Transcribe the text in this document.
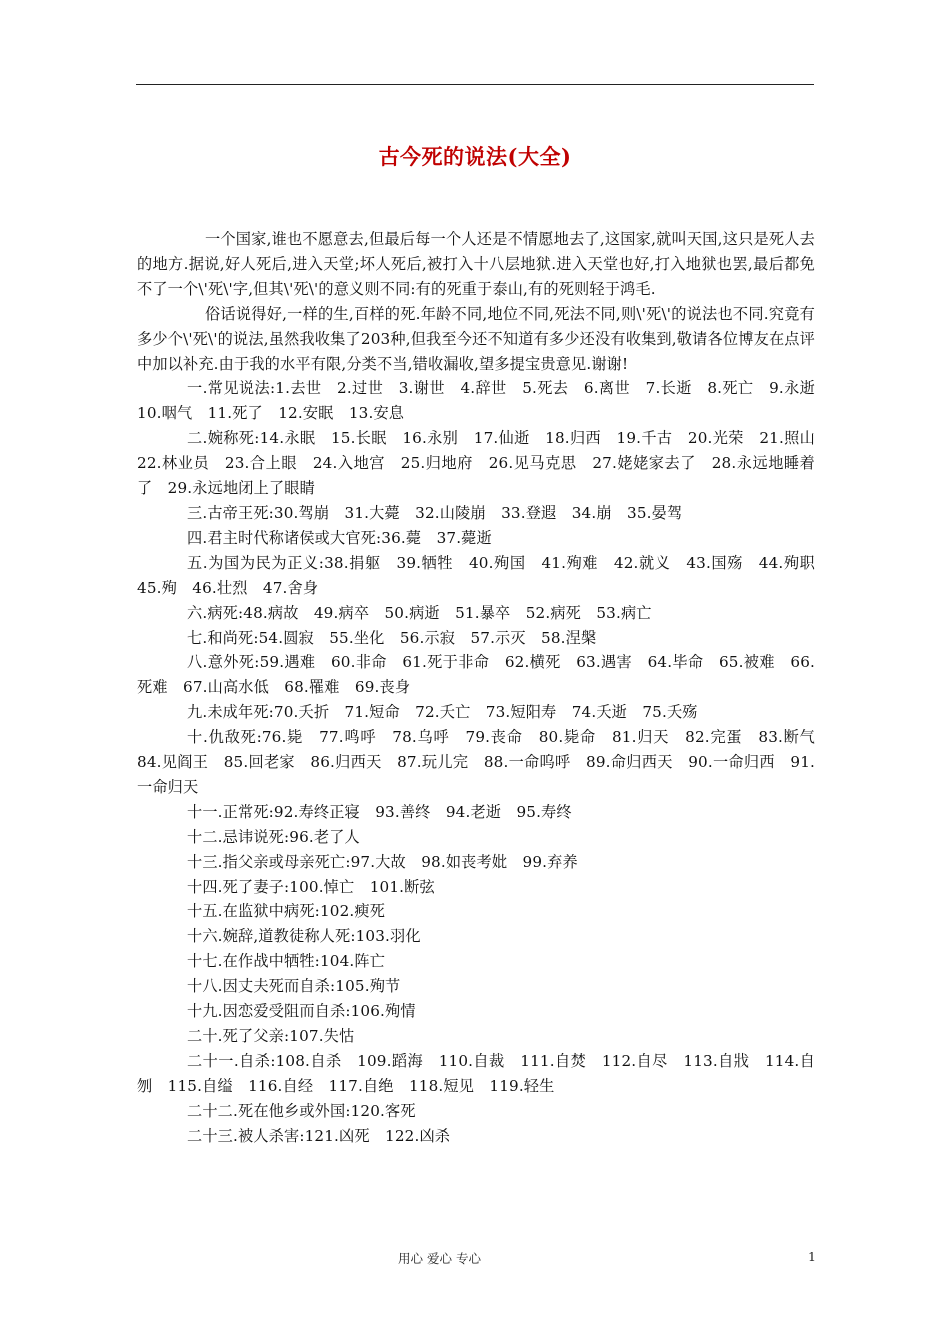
古今死的说法(大全)

一个国家,谁也不愿意去,但最后每一个人还是不情愿地去了,这国家,就叫天国,这只是死人去的地方.据说,好人死后,进入天堂;坏人死后,被打入十八层地狱.进入天堂也好,打入地狱也罢,最后都免不了一个\'死\'字,但其\'死\'的意义则不同:有的死重于泰山,有的死则轻于鸿毛.

俗话说得好,一样的生,百样的死.年龄不同,地位不同,死法不同,则\'死\'的说法也不同.究竟有多少个\'死\'的说法,虽然我收集了203种,但我至今还不知道有多少还没有收集到,敬请各位博友在点评中加以补充.由于我的水平有限,分类不当,错收漏收,望多提宝贵意见.谢谢!

一.常见说法:1.去世　2.过世　3.谢世　4.辞世　5.死去　6.离世　7.长逝　8.死亡　9.永逝　10.咽气　11.死了　12.安眠　13.安息

二.婉称死:14.永眠　15.长眠　16.永别　17.仙逝　18.归西　19.千古　20.光荣　21.照山　22.林业员　23.合上眼　24.入地宫　25.归地府　26.见马克思　27.姥姥家去了　28.永远地睡着了　29.永远地闭上了眼睛

三.古帝王死:30.驾崩　31.大薨　32.山陵崩　33.登遐　34.崩　35.晏驾

四.君主时代称诸侯或大官死:36.薨　37.薨逝

五.为国为民为正义:38.捐躯　39.牺牲　40.殉国　41.殉难　42.就义　43.国殇　44.殉职　45.殉　46.壮烈　47.舍身

六.病死:48.病故　49.病卒　50.病逝　51.暴卒　52.病死　53.病亡

七.和尚死:54.圆寂　55.坐化　56.示寂　57.示灭　58.涅槃

八.意外死:59.遇难　60.非命　61.死于非命　62.横死　63.遇害　64.毕命　65.被难　66.死难　67.山高水低　68.罹难　69.丧身

九.未成年死:70.夭折　71.短命　72.夭亡　73.短阳寿　74.夭逝　75.夭殇

十.仇敌死:76.毙　77.鸣呼　78.乌呼　79.丧命　80.毙命　81.归天　82.完蛋　83.断气　84.见阎王　85.回老家　86.归西天　87.玩儿完　88.一命呜呼　89.命归西天　90.一命归西　91.一命归天

十一.正常死:92.寿终正寝　93.善终　94.老逝　95.寿终

十二.忌讳说死:96.老了人

十三.指父亲或母亲死亡:97.大故　98.如丧考妣　99.弃养

十四.死了妻子:100.悼亡　101.断弦

十五.在监狱中病死:102.瘐死

十六.婉辞,道教徒称人死:103.羽化

十七.在作战中牺牲:104.阵亡

十八.因丈夫死而自杀:105.殉节

十九.因恋爱受阻而自杀:106.殉情

二十.死了父亲:107.失怙

二十一.自杀:108.自杀　109.蹈海　110.自裁　111.自焚　112.自尽　113.自戕　114.自刎　115.自缢　116.自经　117.自绝　118.短见　119.轻生

二十二.死在他乡或外国:120.客死

二十三.被人杀害:121.凶死　122.凶杀

用心 爱心 专心	1
